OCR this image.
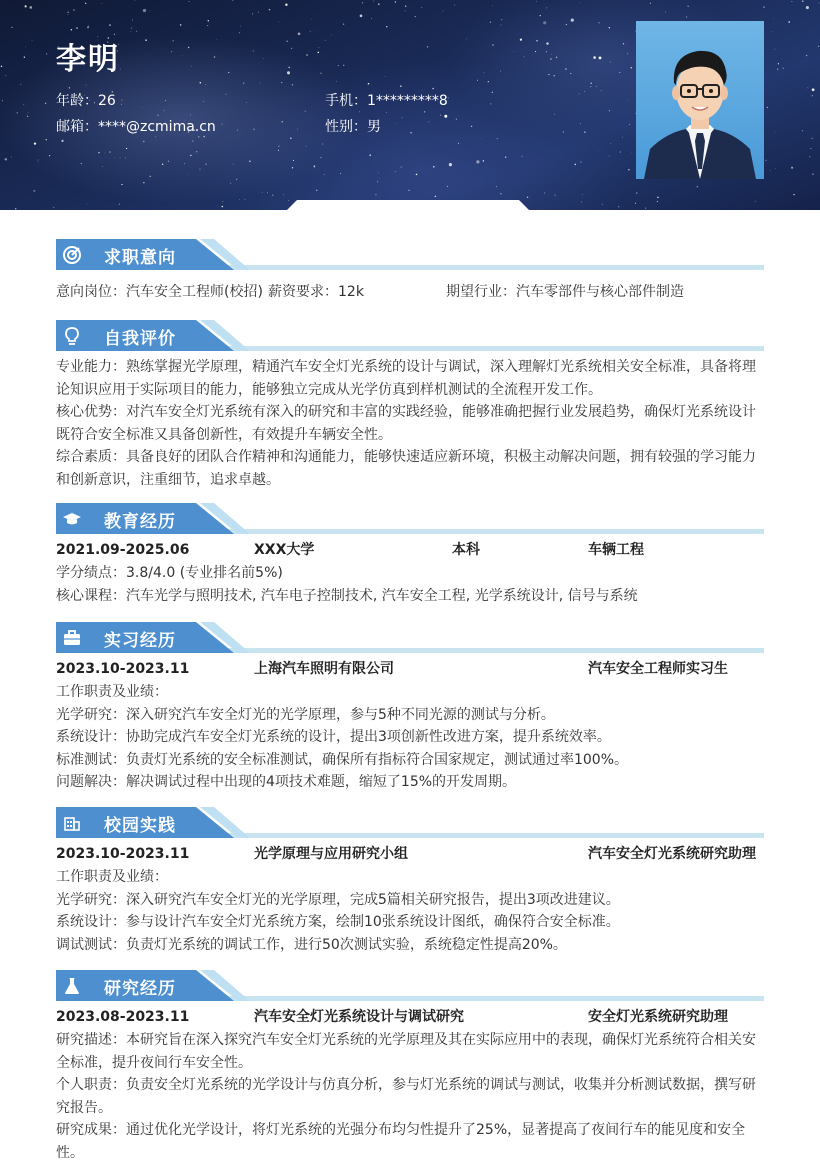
李明
年龄：26
邮箱：****@zcmima.cn
手机：1*********8
性别：男
求职意向
意向岗位：汽车安全工程师(校招) 薪资要求：12k	期望行业：汽车零部件与核心部件制造
自我评价
专业能力：熟练掌握光学原理，精通汽车安全灯光系统的设计与调试，深入理解灯光系统相关安全标准，具备将理论知识应用于实际项目的能力，能够独立完成从光学仿真到样机测试的全流程开发工作。
核心优势：对汽车安全灯光系统有深入的研究和丰富的实践经验，能够准确把握行业发展趋势，确保灯光系统设计既符合安全标准又具备创新性，有效提升车辆安全性。
综合素质：具备良好的团队合作精神和沟通能力，能够快速适应新环境，积极主动解决问题，拥有较强的学习能力和创新意识，注重细节，追求卓越。
教育经历
2021.09-2025.06	XXX大学	本科	车辆工程
学分绩点：3.8/4.0 (专业排名前5%)
核心课程：汽车光学与照明技术, 汽车电子控制技术, 汽车安全工程, 光学系统设计, 信号与系统
实习经历
2023.10-2023.11	上海汽车照明有限公司	汽车安全工程师实习生
工作职责及业绩：
光学研究：深入研究汽车安全灯光的光学原理，参与5种不同光源的测试与分析。
系统设计：协助完成汽车安全灯光系统的设计，提出3项创新性改进方案，提升系统效率。
标准测试：负责灯光系统的安全标准测试，确保所有指标符合国家规定，测试通过率100%。
问题解决：解决调试过程中出现的4项技术难题，缩短了15%的开发周期。
校园实践
2023.10-2023.11	光学原理与应用研究小组	汽车安全灯光系统研究助理
工作职责及业绩：
光学研究：深入研究汽车安全灯光的光学原理，完成5篇相关研究报告，提出3项改进建议。
系统设计：参与设计汽车安全灯光系统方案，绘制10张系统设计图纸，确保符合安全标准。
调试测试：负责灯光系统的调试工作，进行50次测试实验，系统稳定性提高20%。
研究经历
2023.08-2023.11	汽车安全灯光系统设计与调试研究	安全灯光系统研究助理
研究描述：本研究旨在深入探究汽车安全灯光系统的光学原理及其在实际应用中的表现，确保灯光系统符合相关安全标准，提升夜间行车安全性。
个人职责：负责安全灯光系统的光学设计与仿真分析，参与灯光系统的调试与测试，收集并分析测试数据，撰写研究报告。
研究成果：通过优化光学设计，将灯光系统的光强分布均匀性提升了25%，显著提高了夜间行车的能见度和安全性。
